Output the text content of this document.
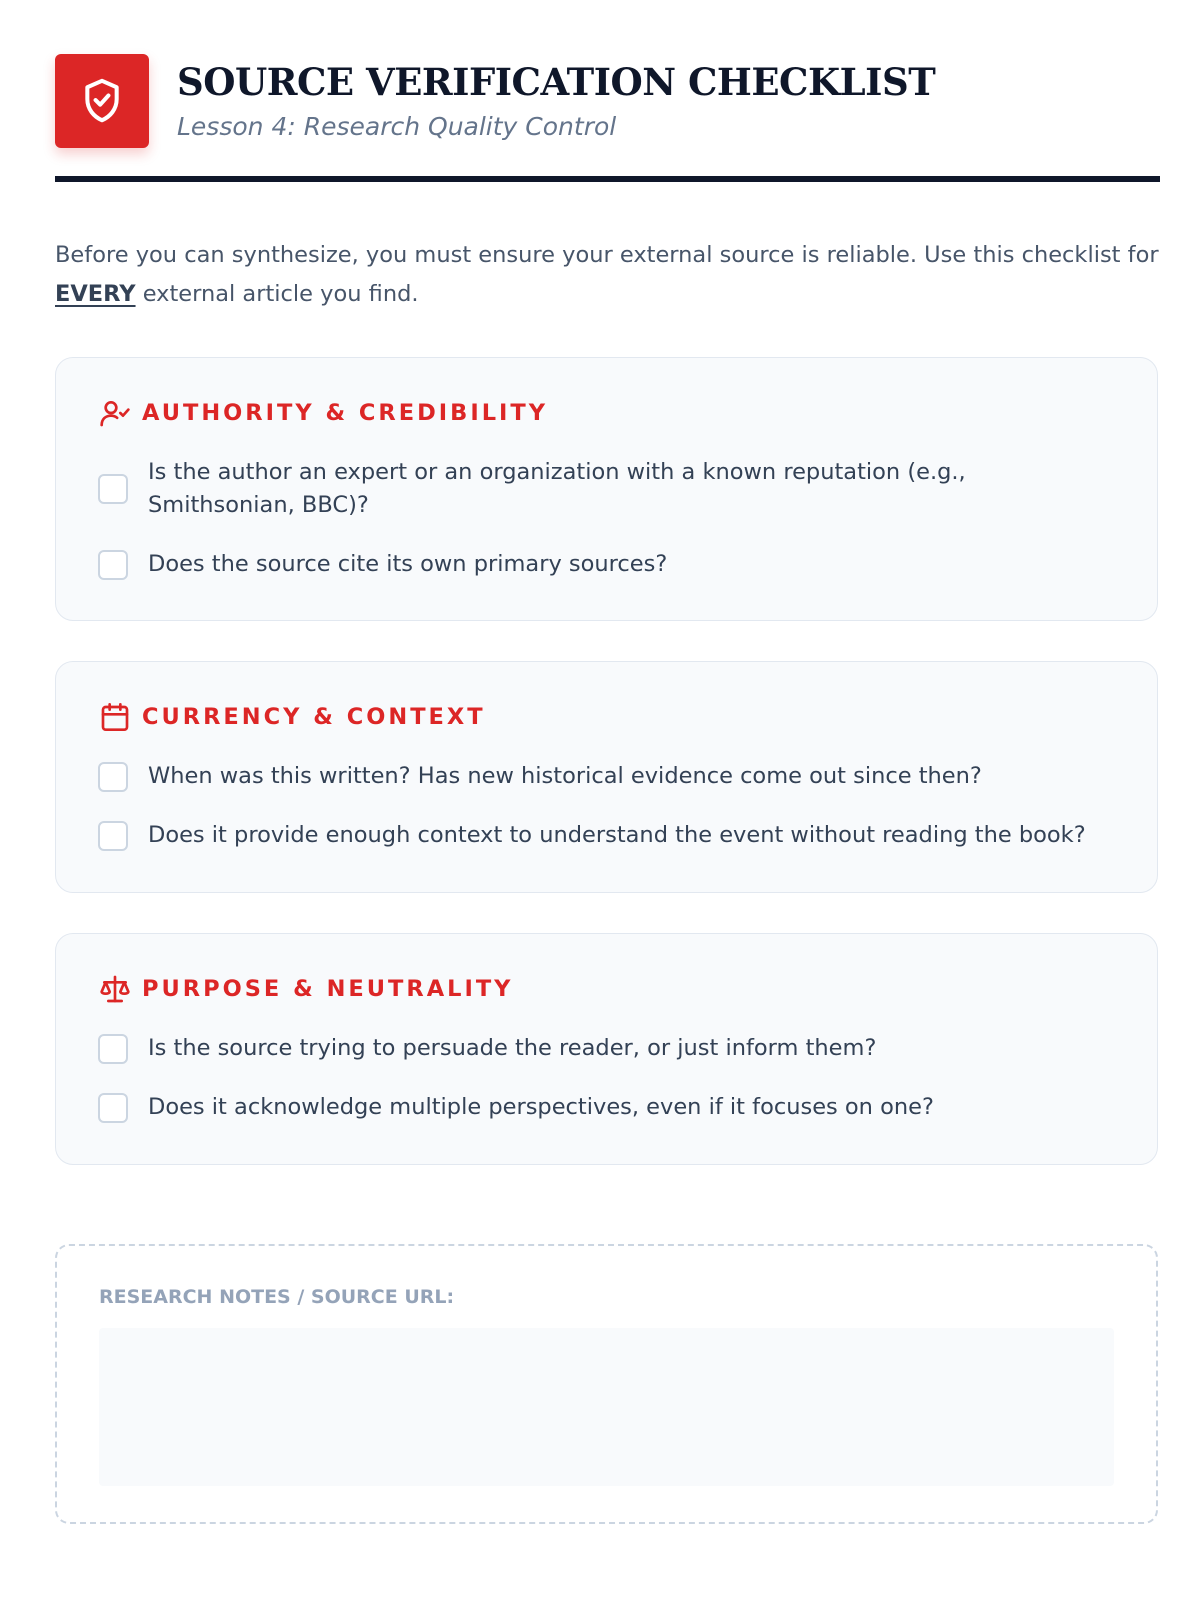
SOURCE VERIFICATION CHECKLIST
Lesson 4: Research Quality Control

Before you can synthesize, you must ensure your external source is reliable. Use this checklist for EVERY external article you find.

AUTHORITY & CREDIBILITY
Is the author an expert or an organization with a known reputation (e.g., Smithsonian, BBC)?
Does the source cite its own primary sources?
CURRENCY & CONTEXT
When was this written? Has new historical evidence come out since then?
Does it provide enough context to understand the event without reading the book?
PURPOSE & NEUTRALITY
Is the source trying to persuade the reader, or just inform them?
Does it acknowledge multiple perspectives, even if it focuses on one?
RESEARCH NOTES / SOURCE URL:
